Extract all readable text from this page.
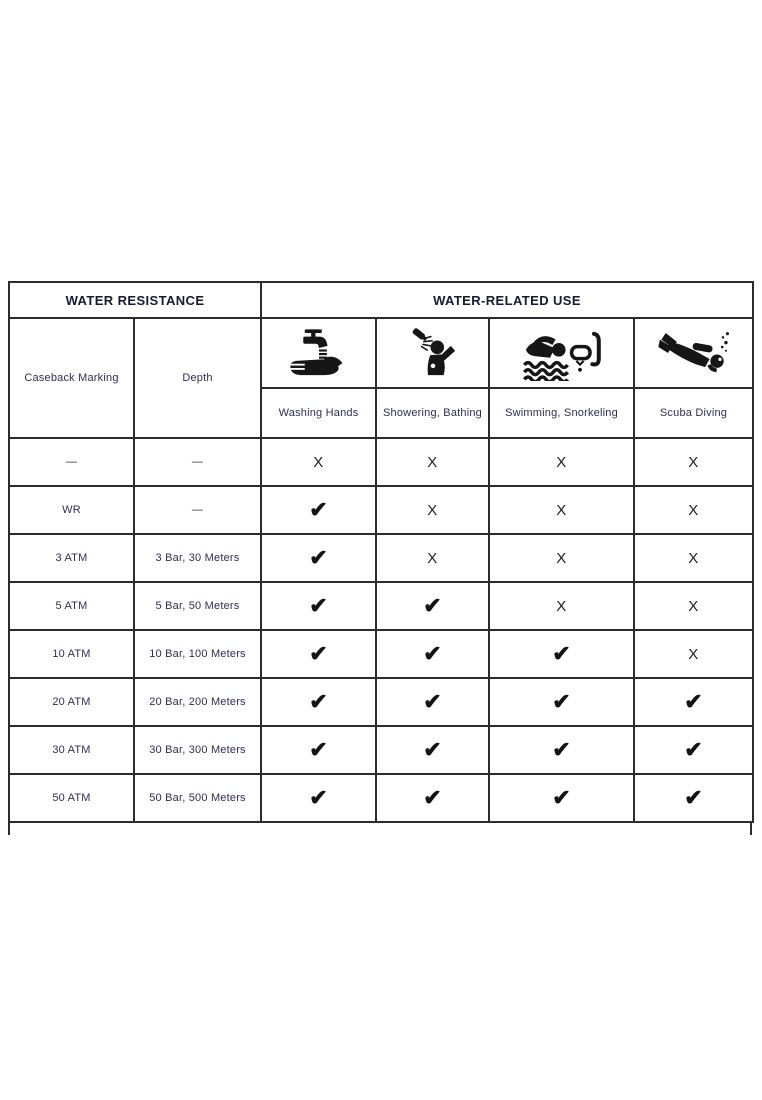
WATER RESISTANCE		WATER-RELATED USE			
Caseback Marking	Depth	

		Washing Hands	Showering, Bathing	Swimming, Snorkeling	Scuba Diving
—	—	X	X	X	X
WR	—	✔	X	X	X
3 ATM	3 Bar, 30 Meters	✔	X	X	X
5 ATM	5 Bar, 50 Meters	✔	✔	X	X
10 ATM	10 Bar, 100 Meters	✔	✔	✔	X
20 ATM	20 Bar, 200 Meters	✔	✔	✔	✔
30 ATM	30 Bar, 300 Meters	✔	✔	✔	✔
50 ATM	50 Bar, 500 Meters	✔	✔	✔	✔
